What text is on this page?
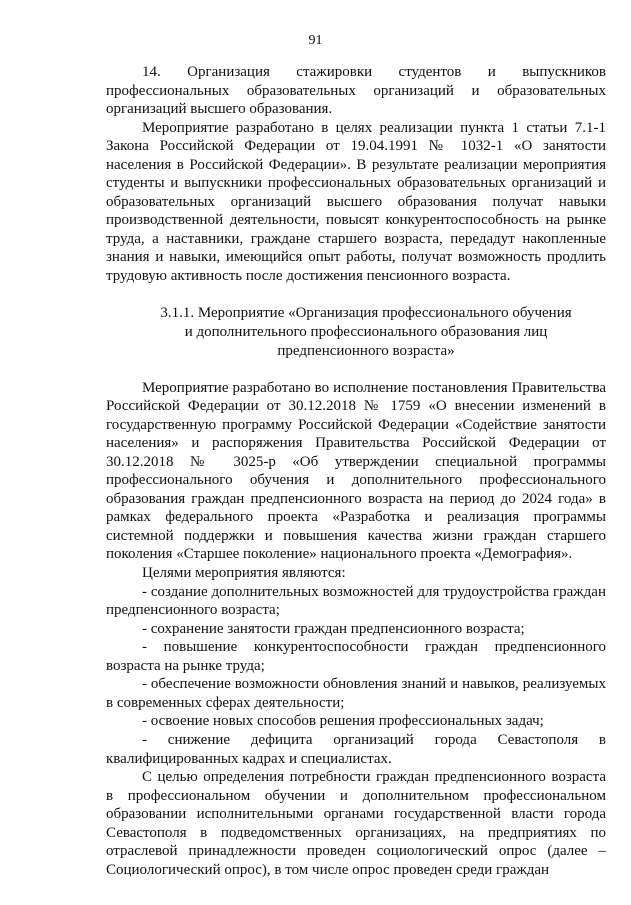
91

14. Организация стажировки студентов и выпускников профессиональных образовательных организаций и образовательных организаций высшего образования.

Мероприятие разработано в целях реализации пункта 1 статьи 7.1-1 Закона Российской Федерации от 19.04.1991 № 1032-1 «О занятости населения в Российской Федерации». В результате реализации мероприятия студенты и выпускники профессиональных образовательных организаций и образовательных организаций высшего образования получат навыки производственной деятельности, повысят конкурентоспособность на рынке труда, а наставники, граждане старшего возраста, передадут накопленные знания и навыки, имеющийся опыт работы, получат возможность продлить трудовую активность после достижения пенсионного возраста.

3.1.1. Мероприятие «Организация профессионального обучения
и дополнительного профессионального образования лиц
предпенсионного возраста»

Мероприятие разработано во исполнение постановления Правительства Российской Федерации от 30.12.2018 № 1759 «О внесении изменений в государственную программу Российской Федерации «Содействие занятости населения» и распоряжения Правительства Российской Федерации от 30.12.2018 № 3025-р «Об утверждении специальной программы профессионального обучения и дополнительного профессионального образования граждан предпенсионного возраста на период до 2024 года» в рамках федерального проекта «Разработка и реализация программы системной поддержки и повышения качества жизни граждан старшего поколения «Старшее поколение» национального проекта «Демография».

Целями мероприятия являются:

- создание дополнительных возможностей для трудоустройства граждан предпенсионного возраста;

- сохранение занятости граждан предпенсионного возраста;

- повышение конкурентоспособности граждан предпенсионного возраста на рынке труда;

- обеспечение возможности обновления знаний и навыков, реализуемых в современных сферах деятельности;

- освоение новых способов решения профессиональных задач;

- снижение дефицита организаций города Севастополя в квалифицированных кадрах и специалистах.

С целью определения потребности граждан предпенсионного возраста в профессиональном обучении и дополнительном профессиональном образовании исполнительными органами государственной власти города Севастополя в подведомственных организациях, на предприятиях по отраслевой принадлежности проведен социологический опрос (далее – Социологический опрос), в том числе опрос проведен среди граждан
